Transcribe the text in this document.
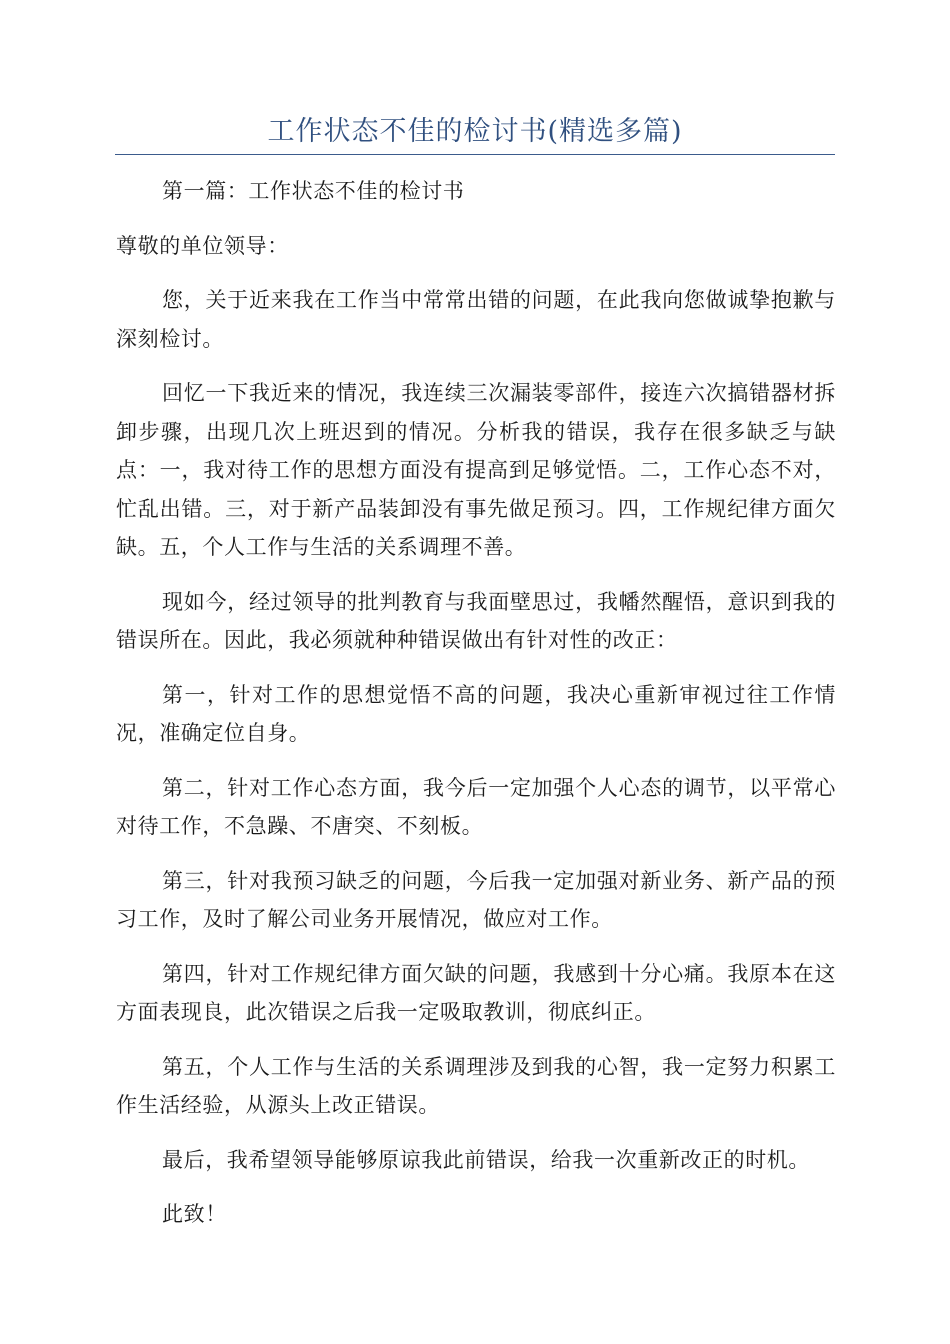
工作状态不佳的检讨书(精选多篇)

第一篇：工作状态不佳的检讨书

尊敬的单位领导：

您，关于近来我在工作当中常常出错的问题，在此我向您做诚挚抱歉与深刻检讨。

回忆一下我近来的情况，我连续三次漏装零部件，接连六次搞错器材拆卸步骤，出现几次上班迟到的情况。分析我的错误，我存在很多缺乏与缺点：一，我对待工作的思想方面没有提高到足够觉悟。二，工作心态不对，忙乱出错。三，对于新产品装卸没有事先做足预习。四，工作规纪律方面欠缺。五，个人工作与生活的关系调理不善。

现如今，经过领导的批判教育与我面壁思过，我幡然醒悟，意识到我的错误所在。因此，我必须就种种错误做出有针对性的改正：

第一，针对工作的思想觉悟不高的问题，我决心重新审视过往工作情况，准确定位自身。

第二，针对工作心态方面，我今后一定加强个人心态的调节，以平常心对待工作，不急躁、不唐突、不刻板。

第三，针对我预习缺乏的问题，今后我一定加强对新业务、新产品的预习工作，及时了解公司业务开展情况，做应对工作。

第四，针对工作规纪律方面欠缺的问题，我感到十分心痛。我原本在这方面表现良，此次错误之后我一定吸取教训，彻底纠正。

第五，个人工作与生活的关系调理涉及到我的心智，我一定努力积累工作生活经验，从源头上改正错误。

最后，我希望领导能够原谅我此前错误，给我一次重新改正的时机。

此致！
